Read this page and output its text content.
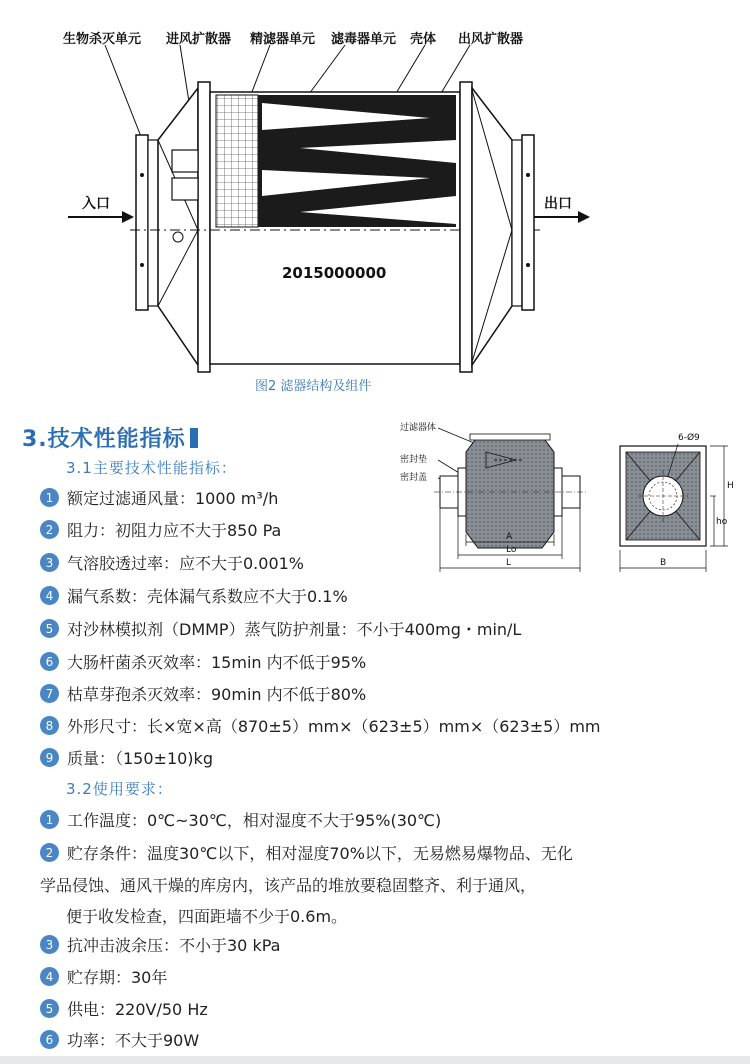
生物杀灭单元 进风扩散器 精滤器单元 滤毒器单元 壳体 出风扩散器
入口	出口
2015000000
图2 滤器结构及组件
3.技术性能指标
3.1主要技术性能指标：
过滤器体
密封垫
密封盖
A
Lo
L
6-Ø9
H
ho
B
1 额定过滤通风量：1000 m³/h
2 阻力：初阻力应不大于850 Pa
3 气溶胶透过率：应不大于0.001%
4 漏气系数：壳体漏气系数应不大于0.1%
5 对沙林模拟剂（DMMP）蒸气防护剂量：不小于400mg・min/L
6 大肠杆菌杀灭效率：15min 内不低于95%
7 枯草芽孢杀灭效率：90min 内不低于80%
8 外形尺寸：长×宽×高（870±5）mm×（623±5）mm×（623±5）mm
9 质量：（150±10)kg
3.2使用要求：
1 工作温度：0℃~30℃，相对湿度不大于95%(30℃)
2 贮存条件：温度30℃以下，相对湿度70%以下，无易燃易爆物品、无化
学品侵蚀、通风干燥的库房内，该产品的堆放要稳固整齐、利于通风，
便于收发检查，四面距墙不少于0.6m。
3 抗冲击波余压：不小于30 kPa
4 贮存期：30年
5 供电：220V/50 Hz
6 功率：不大于90W
